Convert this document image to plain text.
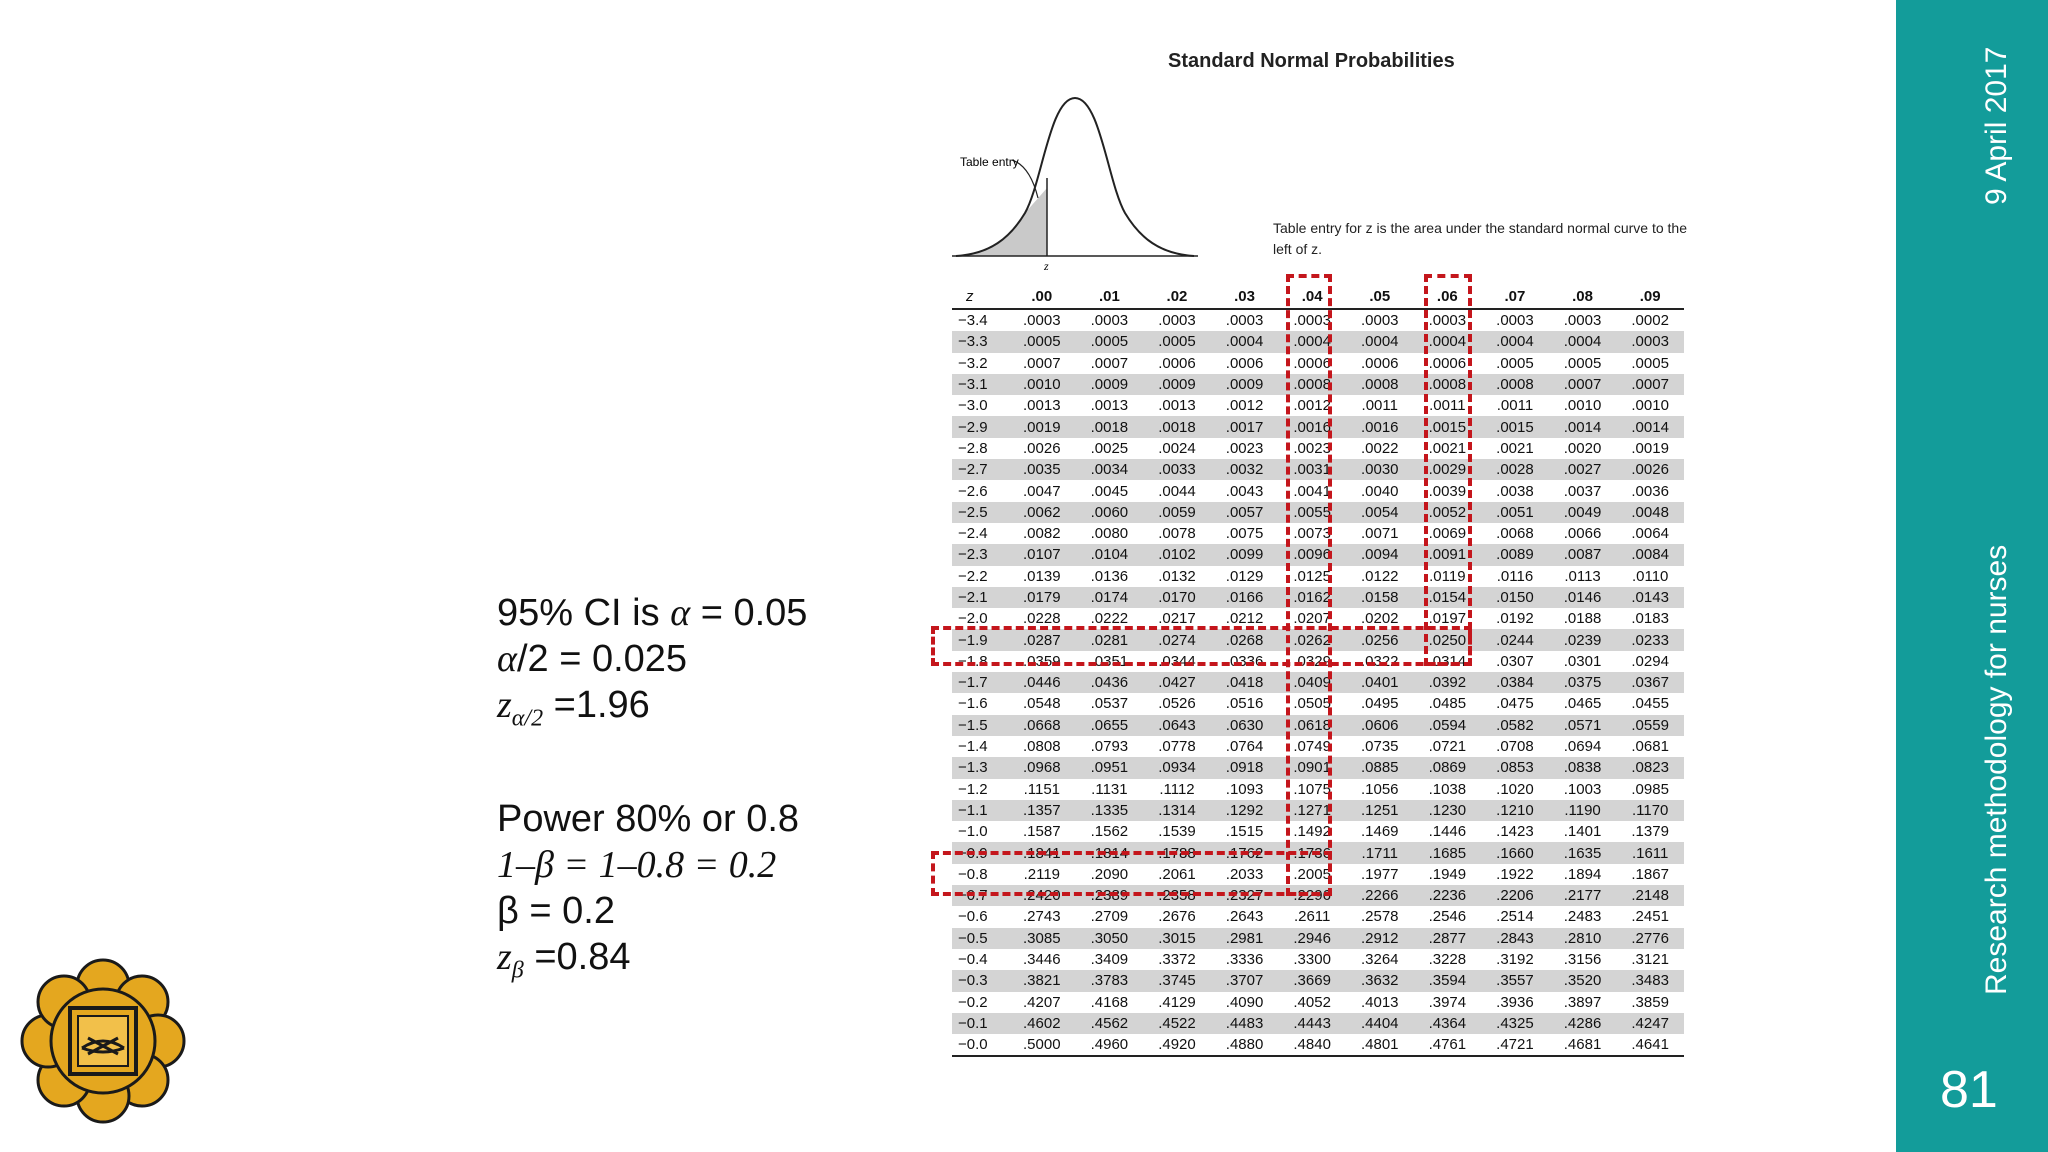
9 April 2017
Research methodology for nurses
81
95% CI is α = 0.05
α/2 = 0.025
$z_{\alpha/2} =1.96$
Power 80% or 0.8
1–β = 1–0.8 = 0.2
β = 0.2
$z_\beta =0.84$
Standard Normal Probabilities
Table entry
z
Table entry for z is the area under the standard normal curve to the left of z.
z	.00	.01	.02	.03	.04	.05	.06	.07	.08	.09
−3.4	.0003	.0003	.0003	.0003	.0003	.0003	.0003	.0003	.0003	.0002
−3.3	.0005	.0005	.0005	.0004	.0004	.0004	.0004	.0004	.0004	.0003
−3.2	.0007	.0007	.0006	.0006	.0006	.0006	.0006	.0005	.0005	.0005
−3.1	.0010	.0009	.0009	.0009	.0008	.0008	.0008	.0008	.0007	.0007
−3.0	.0013	.0013	.0013	.0012	.0012	.0011	.0011	.0011	.0010	.0010
−2.9	.0019	.0018	.0018	.0017	.0016	.0016	.0015	.0015	.0014	.0014
−2.8	.0026	.0025	.0024	.0023	.0023	.0022	.0021	.0021	.0020	.0019
−2.7	.0035	.0034	.0033	.0032	.0031	.0030	.0029	.0028	.0027	.0026
−2.6	.0047	.0045	.0044	.0043	.0041	.0040	.0039	.0038	.0037	.0036
−2.5	.0062	.0060	.0059	.0057	.0055	.0054	.0052	.0051	.0049	.0048
−2.4	.0082	.0080	.0078	.0075	.0073	.0071	.0069	.0068	.0066	.0064
−2.3	.0107	.0104	.0102	.0099	.0096	.0094	.0091	.0089	.0087	.0084
−2.2	.0139	.0136	.0132	.0129	.0125	.0122	.0119	.0116	.0113	.0110
−2.1	.0179	.0174	.0170	.0166	.0162	.0158	.0154	.0150	.0146	.0143
−2.0	.0228	.0222	.0217	.0212	.0207	.0202	.0197	.0192	.0188	.0183
−1.9	.0287	.0281	.0274	.0268	.0262	.0256	.0250	.0244	.0239	.0233
−1.8	.0359	.0351	.0344	.0336	.0329	.0322	.0314	.0307	.0301	.0294
−1.7	.0446	.0436	.0427	.0418	.0409	.0401	.0392	.0384	.0375	.0367
−1.6	.0548	.0537	.0526	.0516	.0505	.0495	.0485	.0475	.0465	.0455
−1.5	.0668	.0655	.0643	.0630	.0618	.0606	.0594	.0582	.0571	.0559
−1.4	.0808	.0793	.0778	.0764	.0749	.0735	.0721	.0708	.0694	.0681
−1.3	.0968	.0951	.0934	.0918	.0901	.0885	.0869	.0853	.0838	.0823
−1.2	.1151	.1131	.1112	.1093	.1075	.1056	.1038	.1020	.1003	.0985
−1.1	.1357	.1335	.1314	.1292	.1271	.1251	.1230	.1210	.1190	.1170
−1.0	.1587	.1562	.1539	.1515	.1492	.1469	.1446	.1423	.1401	.1379
−0.9	.1841	.1814	.1788	.1762	.1736	.1711	.1685	.1660	.1635	.1611
−0.8	.2119	.2090	.2061	.2033	.2005	.1977	.1949	.1922	.1894	.1867
−0.7	.2420	.2389	.2358	.2327	.2296	.2266	.2236	.2206	.2177	.2148
−0.6	.2743	.2709	.2676	.2643	.2611	.2578	.2546	.2514	.2483	.2451
−0.5	.3085	.3050	.3015	.2981	.2946	.2912	.2877	.2843	.2810	.2776
−0.4	.3446	.3409	.3372	.3336	.3300	.3264	.3228	.3192	.3156	.3121
−0.3	.3821	.3783	.3745	.3707	.3669	.3632	.3594	.3557	.3520	.3483
−0.2	.4207	.4168	.4129	.4090	.4052	.4013	.3974	.3936	.3897	.3859
−0.1	.4602	.4562	.4522	.4483	.4443	.4404	.4364	.4325	.4286	.4247
−0.0	.5000	.4960	.4920	.4880	.4840	.4801	.4761	.4721	.4681	.4641
